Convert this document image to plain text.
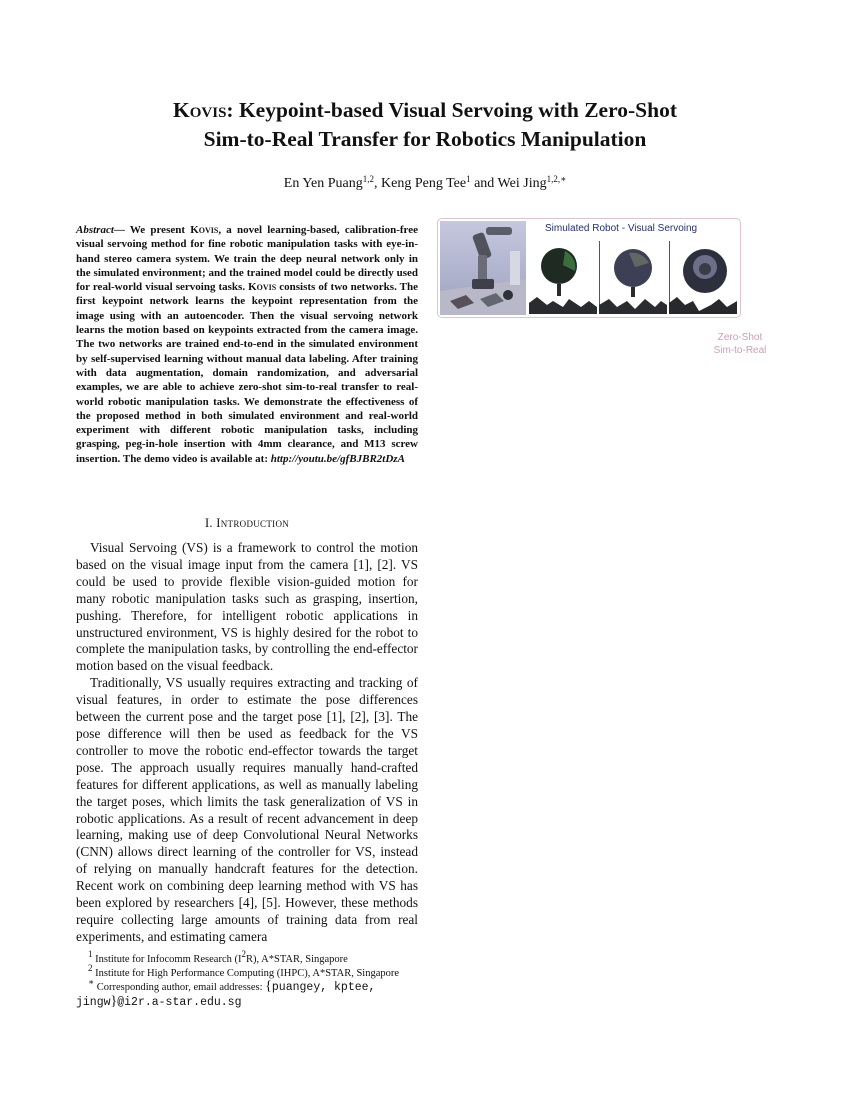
Kovis: Keypoint-based Visual Servoing with Zero-Shot
Sim-to-Real Transfer for Robotics Manipulation
En Yen Puang$^{1,2}$, Keng Peng Tee$^1$ and Wei Jing$^{1,2,∗}$
Abstract— We present Kovis, a novel learning-based, calibration-free visual servoing method for fine robotic manipulation tasks with eye-in-hand stereo camera system. We train the deep neural network only in the simulated environment; and the trained model could be directly used for real-world visual servoing tasks. Kovis consists of two networks. The first keypoint network learns the keypoint representation from the image using with an autoencoder. Then the visual servoing network learns the motion based on keypoints extracted from the camera image. The two networks are trained end-to-end in the simulated environment by self-supervised learning without manual data labeling. After training with data augmentation, domain randomization, and adversarial examples, we are able to achieve zero-shot sim-to-real transfer to real-world robotic manipulation tasks. We demonstrate the effectiveness of the proposed method in both simulated environment and real-world experiment with different robotic manipulation tasks, including grasping, peg-in-hole insertion with 4mm clearance, and M13 screw insertion. The demo video is available at: http://youtu.be/gfBJBR2tDzA
I. Introduction

Visual Servoing (VS) is a framework to control the motion based on the visual image input from the camera [1], [2]. VS could be used to provide flexible vision-guided motion for many robotic manipulation tasks such as grasping, insertion, pushing. Therefore, for intelligent robotic applications in unstructured environment, VS is highly desired for the robot to complete the manipulation tasks, by controlling the end-effector motion based on the visual feedback.

Traditionally, VS usually requires extracting and tracking of visual features, in order to estimate the pose differences between the current pose and the target pose [1], [2], [3]. The pose difference will then be used as feedback for the VS controller to move the robotic end-effector towards the target pose. The approach usually requires manually hand-crafted features for different applications, as well as manually labeling the target poses, which limits the task generalization of VS in robotic applications. As a result of recent advancement in deep learning, making use of deep Convolutional Neural Networks (CNN) allows direct learning of the controller for VS, instead of relying on manually handcraft features for the detection. Recent work on combining deep learning method with VS has been explored by researchers [4], [5]. However, these methods require collecting large amounts of training data from real experiments, and estimating camera

$^1$ Institute for Infocomm Research $(I^2R)$, A*STAR, Singapore

$^2$ Institute for High Performance Computing (IHPC), A*STAR, Singapore

∗ Corresponding author, email addresses: {puangey, kptee, jingw}@i2r.a-star.edu.sg

Simulated Robot - Visual Servoing
Zero-Shot
Sim-to-Real
